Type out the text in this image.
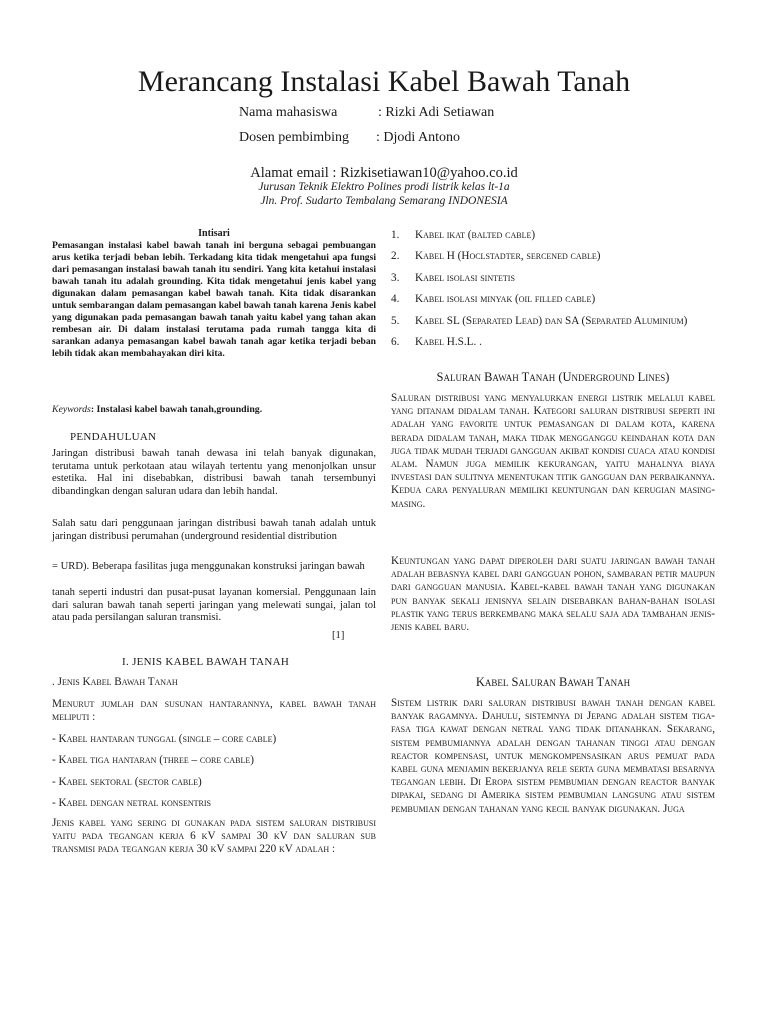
Merancang Instalasi Kabel Bawah Tanah
Nama mahasiswa	: Rizki Adi Setiawan
Dosen pembimbing : Djodi Antono
Alamat email : Rizkisetiawan10@yahoo.co.id
Jurusan Teknik Elektro Polines prodi listrik kelas lt-1a
Jln. Prof. Sudarto Tembalang Semarang INDONESIA
Intisari

Pemasangan instalasi kabel bawah tanah ini berguna sebagai pembuangan arus ketika terjadi beban lebih. Terkadang kita tidak mengetahui apa fungsi dari pemasangan instalasi bawah tanah itu sendiri. Yang kita ketahui instalasi bawah tanah itu adalah grounding. Kita tidak mengetahui jenis kabel yang digunakan dalam pemasangan kabel bawah tanah. Kita tidak disarankan untuk sembarangan dalam pemasangan kabel bawah tanah karena Jenis kabel yang digunakan pada pemasangan bawah tanah yaitu kabel yang tahan akan rembesan air. Di dalam instalasi terutama pada rumah tangga kita di sarankan adanya pemasangan kabel bawah tanah agar ketika terjadi beban lebih tidak akan membahayakan diri kita.

Keywords: Instalasi kabel bawah tanah,grounding.

PENDAHULUAN

Jaringan distribusi bawah tanah dewasa ini telah banyak digunakan, terutama untuk perkotaan atau wilayah tertentu yang menonjolkan unsur estetika. Hal ini disebabkan, distribusi bawah tanah tersembunyi dibandingkan dengan saluran udara dan lebih handal.

Salah satu dari penggunaan jaringan distribusi bawah tanah adalah untuk jaringan distribusi perumahan (underground residential distribution

= URD). Beberapa fasilitas juga menggunakan konstruksi jaringan bawah

tanah seperti industri dan pusat-pusat layanan komersial. Penggunaan lain dari saluran bawah tanah seperti jaringan yang melewati sungai, jalan tol atau pada persilangan saluran transmisi.

[1]
I. JENIS KABEL BAWAH TANAH
. Jenis Kabel Bawah Tanah

Menurut jumlah dan susunan hantarannya, kabel bawah tanah meliputi :

- Kabel hantaran tunggal (single – core cable)
- Kabel tiga hantaran (three – core cable)
- Kabel sektoral (sector cable)
- Kabel dengan netral konsentris

Jenis kabel yang sering di gunakan pada sistem saluran distribusi yaitu pada tegangan kerja 6 kV sampai 30 kV dan saluran sub transmisi pada tegangan kerja 30 kV sampai 220 kV adalah :

1. Kabel ikat (balted cable)
2. Kabel H (Hoclstadter, sercened cable)
3. Kabel isolasi sintetis
4. Kabel isolasi minyak (oil filled cable)
5. Kabel SL (Separated Lead) dan SA (Separated Aluminium)
6. Kabel H.S.L. .
Saluran Bawah Tanah (Underground Lines)

Saluran distribusi yang menyalurkan energi listrik melalui kabel yang ditanam didalam tanah. Kategori saluran distribusi seperti ini adalah yang favorite untuk pemasangan di dalam kota, karena berada didalam tanah, maka tidak mengganggu keindahan kota dan juga tidak mudah terjadi gangguan akibat kondisi cuaca atau kondisi alam. Namun juga memilik kekurangan, yaitu mahalnya biaya investasi dan sulitnya menentukan titik gangguan dan perbaikannya. Kedua cara penyaluran memiliki keuntungan dan kerugian masing- masing.

Keuntungan yang dapat diperoleh dari suatu jaringan bawah tanah adalah bebasnya kabel dari gangguan pohon, sambaran petir maupun dari gangguan manusia. Kabel-kabel bawah tanah yang digunakan pun banyak sekali jenisnya selain disebabkan bahan-bahan isolasi plastik yang terus berkembang maka selalu saja ada tambahan jenis-jenis kabel baru.

Kabel Saluran Bawah Tanah

Sistem listrik dari saluran distribusi bawah tanah dengan kabel banyak ragamnya. Dahulu, sistemnya di Jepang adalah sistem tiga-fasa tiga kawat dengan netral yang tidak ditanahkan. Sekarang, sistem pembumiannya adalah dengan tahanan tinggi atau dengan reactor kompensasi, untuk mengkompensasikan arus pemuat pada kabel guna menjamin bekerjanya rele serta guna membatasi besarnya tegangan lebih. Di Eropa sistem pembumian dengan reactor banyak dipakai, sedang di Amerika sistem pembumian langsung atau sistem pembumian dengan tahanan yang kecil banyak digunakan. Juga
